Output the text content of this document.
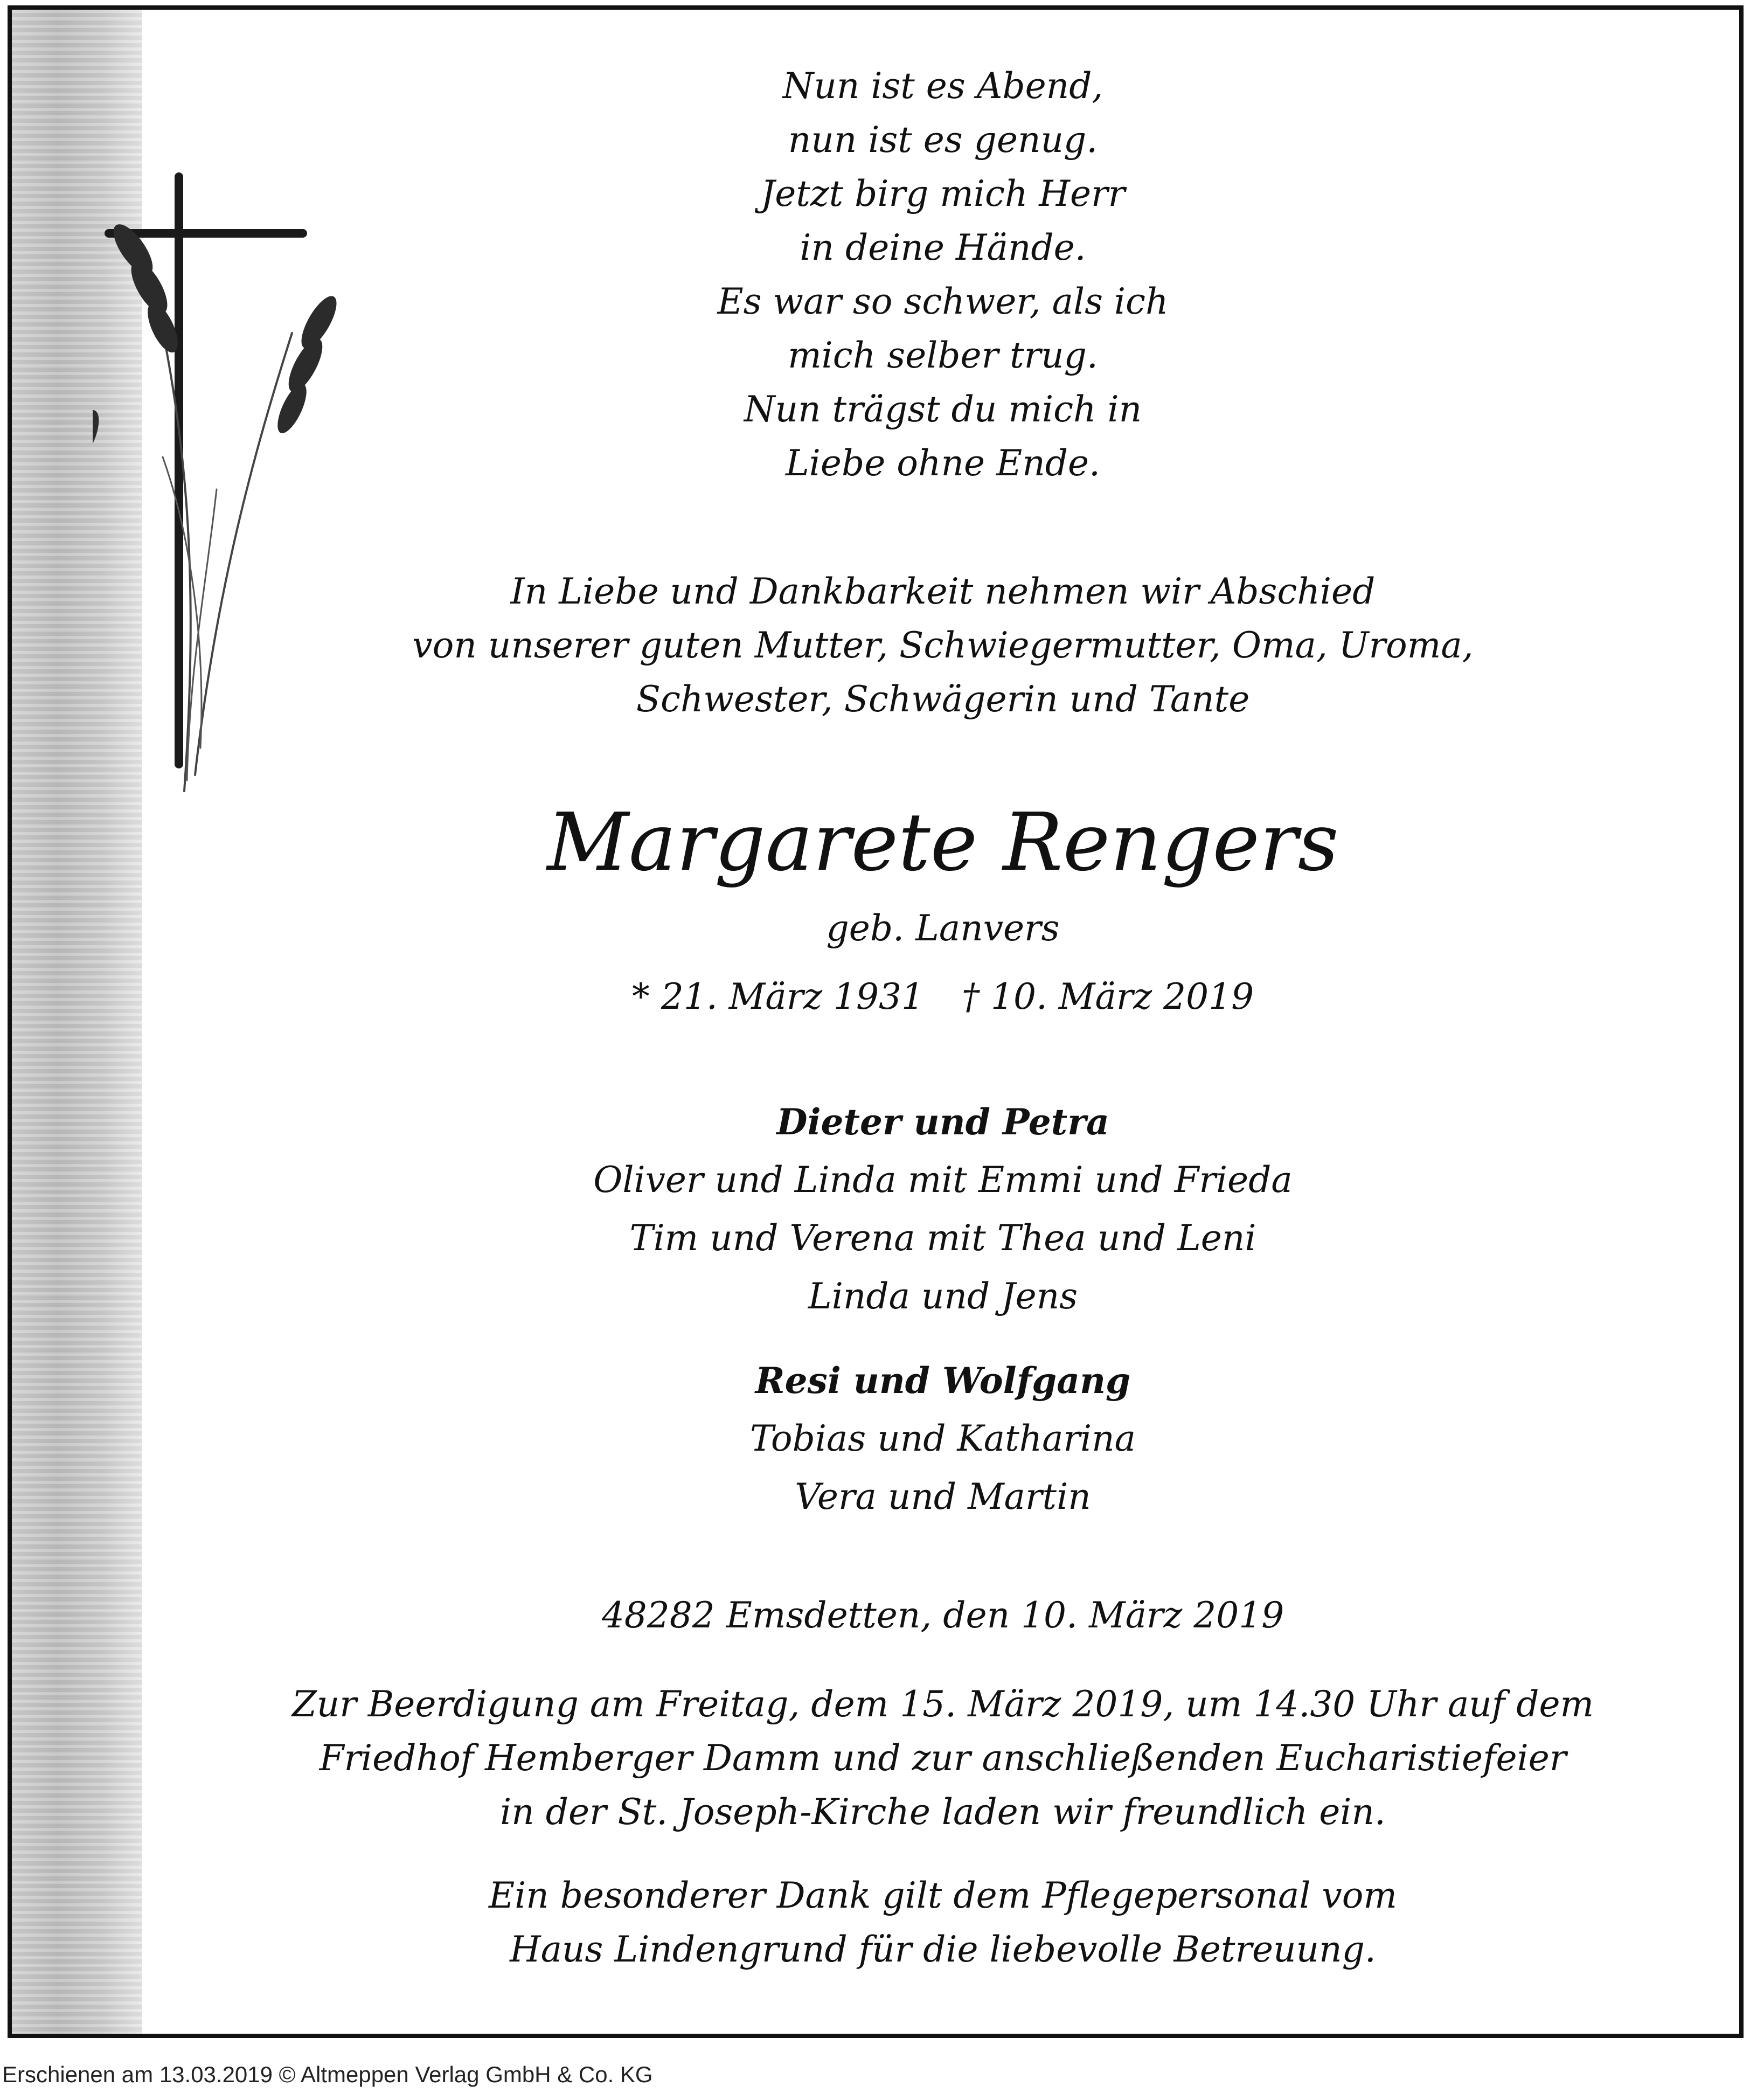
Nun ist es Abend,
nun ist es genug.
Jetzt birg mich Herr
in deine Hände.
Es war so schwer, als ich
mich selber trug.
Nun trägst du mich in
Liebe ohne Ende.
In Liebe und Dankbarkeit nehmen wir Abschied
von unserer guten Mutter, Schwiegermutter, Oma, Uroma,
Schwester, Schwägerin und Tante
Margarete Rengers
geb. Lanvers
* 21. März 1931 † 10. März 2019
Dieter und Petra
Oliver und Linda mit Emmi und Frieda
Tim und Verena mit Thea und Leni
Linda und Jens
Resi und Wolfgang
Tobias und Katharina
Vera und Martin
48282 Emsdetten, den 10. März 2019
Zur Beerdigung am Freitag, dem 15. März 2019, um 14.30 Uhr auf dem
Friedhof Hemberger Damm und zur anschließenden Eucharistiefeier
in der St. Joseph-Kirche laden wir freundlich ein.
Ein besonderer Dank gilt dem Pflegepersonal vom
Haus Lindengrund für die liebevolle Betreuung.
Erschienen am 13.03.2019 © Altmeppen Verlag GmbH & Co. KG
